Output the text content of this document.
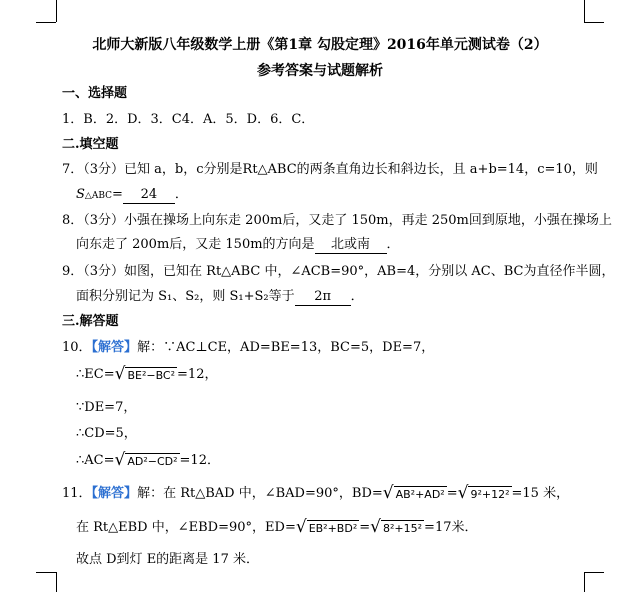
北师大新版八年级数学上册《第1章 勾股定理》2016年单元测试卷（2）
参考答案与试题解析
一、选择题
1．B．2．D．3．C4．A．5．D．6．C．
二.填空题
7．（3分）已知 a，b，c分别是Rt△ABC的两条直角边长和斜边长，且 a+b=14，c=10，则
S△ABC= 24 ．
8．（3分）小强在操场上向东走 200m后，又走了 150m，再走 250m回到原地，小强在操场上
向东走了 200m后，又走 150m的方向是 北或南 ．
9．（3分）如图，已知在 Rt△ABC 中，∠ACB=90°，AB=4，分别以 AC、BC为直径作半圆，
面积分别记为 S₁、S₂，则 S₁+S₂等于 2π ．
三.解答题
10．【解答】解：∵AC⊥CE，AD=BE=13，BC=5，DE=7，
∴EC= √ BE²−BC² =12，
∵DE=7，
∴CD=5，
∴AC= √ AD²−CD² =12．
11．【解答】解：在 Rt△BAD 中，∠BAD=90°，BD= √ AB²+AD² = √ 9²+12² =15 米，
在 Rt△EBD 中，∠EBD=90°，ED= √ EB²+BD² = √ 8²+15² =17米．
故点 D到灯 E的距离是 17 米．
